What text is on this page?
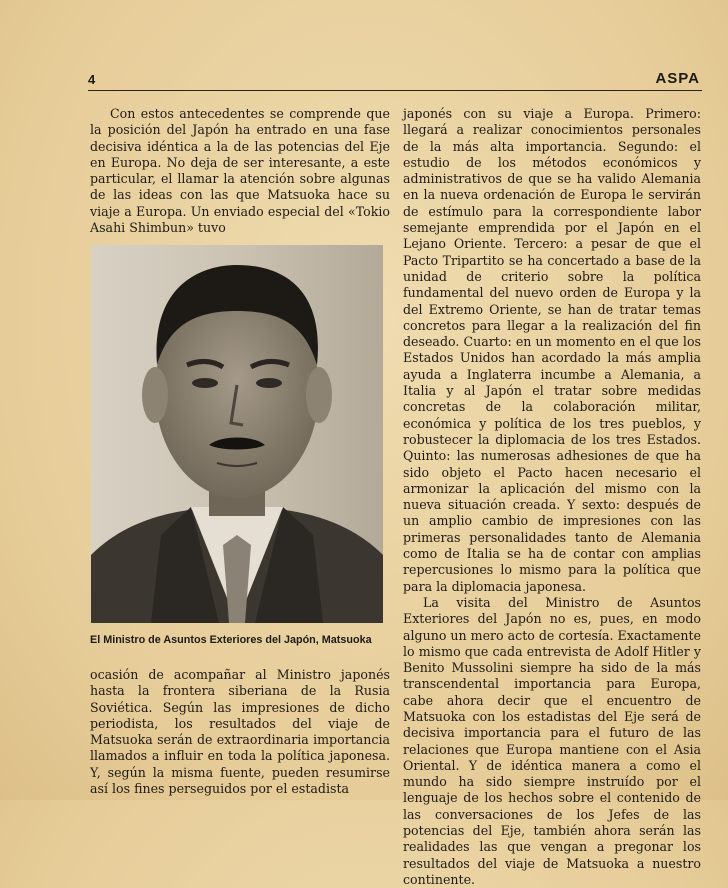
4	ASPA

Con estos antecedentes se comprende que la posición del Japón ha entrado en una fase decisiva idéntica a la de las potencias del Eje en Europa. No deja de ser interesante, a este particular, el llamar la atención sobre algunas de las ideas con las que Matsuoka hace su viaje a Europa. Un enviado especial del «Tokio Asahi Shimbun» tuvo

El Ministro de Asuntos Exteriores del Japón, Matsuoka

ocasión de acompañar al Ministro japonés hasta la frontera siberiana de la Rusia Soviética. Según las impresiones de dicho periodista, los resultados del viaje de Matsuoka serán de extraordinaria importancia llamados a influir en toda la política japonesa. Y, según la misma fuente, pueden resumirse así los fines perseguidos por el estadista

japonés con su viaje a Europa. Primero: llegará a realizar conocimientos personales de la más alta importancia. Segundo: el estudio de los métodos económicos y administrativos de que se ha valido Alemania en la nueva ordenación de Europa le servirán de estímulo para la correspondiente labor semejante emprendida por el Japón en el Lejano Oriente. Tercero: a pesar de que el Pacto Tripartito se ha concertado a base de la unidad de criterio sobre la política fundamental del nuevo orden de Europa y la del Extremo Oriente, se han de tratar temas concretos para llegar a la realización del fin deseado. Cuarto: en un momento en el que los Estados Unidos han acordado la más amplia ayuda a Inglaterra incumbe a Alemania, a Italia y al Japón el tratar sobre medidas concretas de la colaboración militar, económica y política de los tres pueblos, y robustecer la diplomacia de los tres Estados. Quinto: las numerosas adhesiones de que ha sido objeto el Pacto hacen necesario el armonizar la aplicación del mismo con la nueva situación creada. Y sexto: después de un amplio cambio de impresiones con las primeras personalidades tanto de Alemania como de Italia se ha de contar con amplias repercusiones lo mismo para la política que para la diplomacia japonesa.

La visita del Ministro de Asuntos Exteriores del Japón no es, pues, en modo alguno un mero acto de cortesía. Exactamente lo mismo que cada entrevista de Adolf Hitler y Benito Mussolini siempre ha sido de la más transcendental importancia para Europa, cabe ahora decir que el encuentro de Matsuoka con los estadistas del Eje será de decisiva importancia para el futuro de las relaciones que Europa mantiene con el Asia Oriental. Y de idéntica manera a como el mundo ha sido siempre instruído por el lenguaje de los hechos sobre el contenido de las conversaciones de los Jefes de las potencias del Eje, también ahora serán las realidades las que vengan a pregonar los resultados del viaje de Matsuoka a nuestro continente.
